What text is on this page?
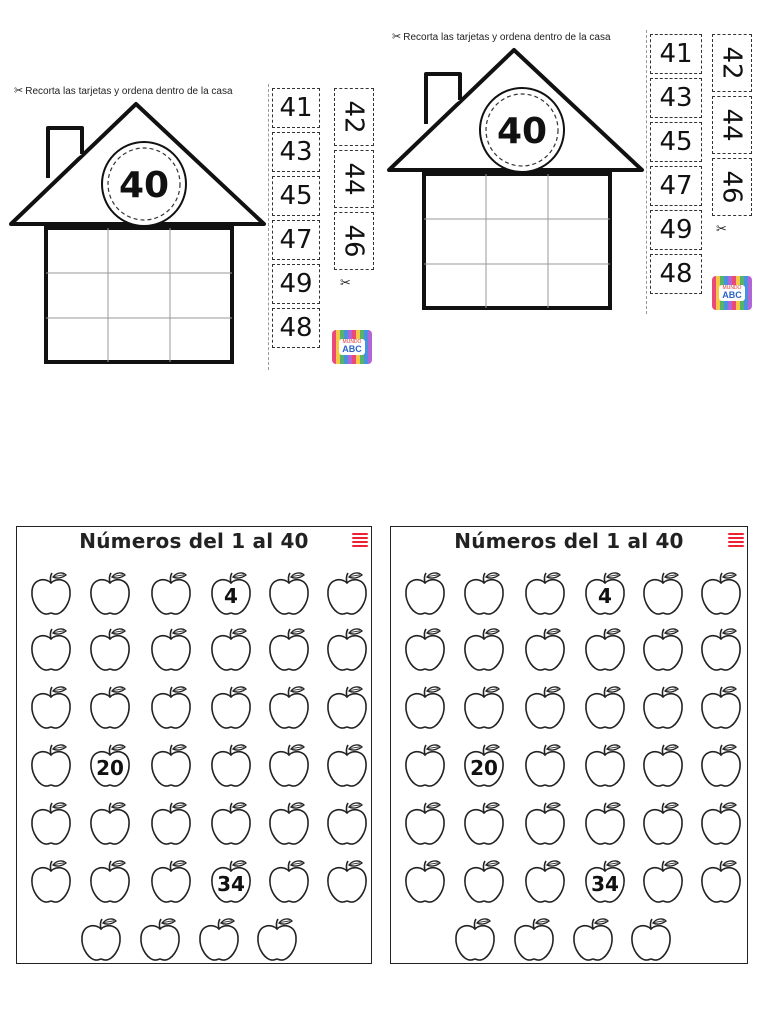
✂ Recorta las tarjetas y ordena dentro de la casa
40
41
43
45
47
49
48
42
44
46
✂
MUNDO
ABC
✂ Recorta las tarjetas y ordena dentro de la casa
40
41
43
45
47
49
48
42
44
46
✂
MUNDO
ABC
Números del 1 al 40
4
20
34
Números del 1 al 40
4
20
34
